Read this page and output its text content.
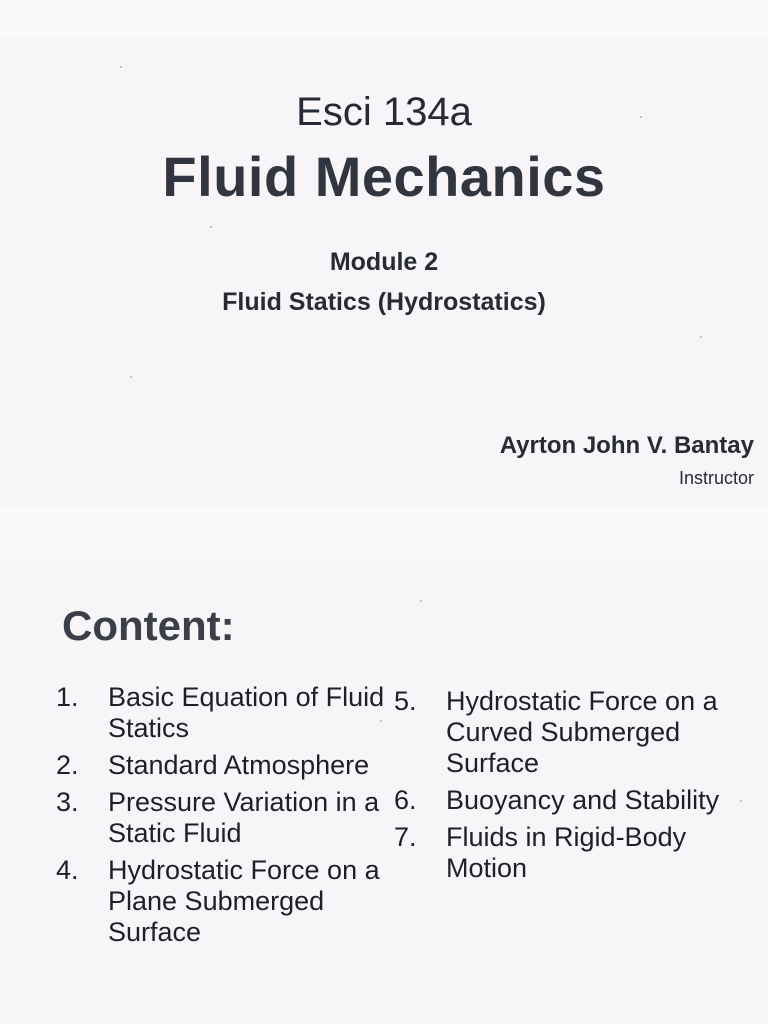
Esci 134a
Fluid Mechanics
Module 2
Fluid Statics (Hydrostatics)
Ayrton John V. Bantay
Instructor
Content:
1.	Basic Equation of Fluid Statics
2.	Standard Atmosphere
3.	Pressure Variation in a Static Fluid
4.	Hydrostatic Force on a Plane Submerged Surface
5.	Hydrostatic Force on a Curved Submerged Surface
6.	Buoyancy and Stability
7.	Fluids in Rigid-Body Motion
